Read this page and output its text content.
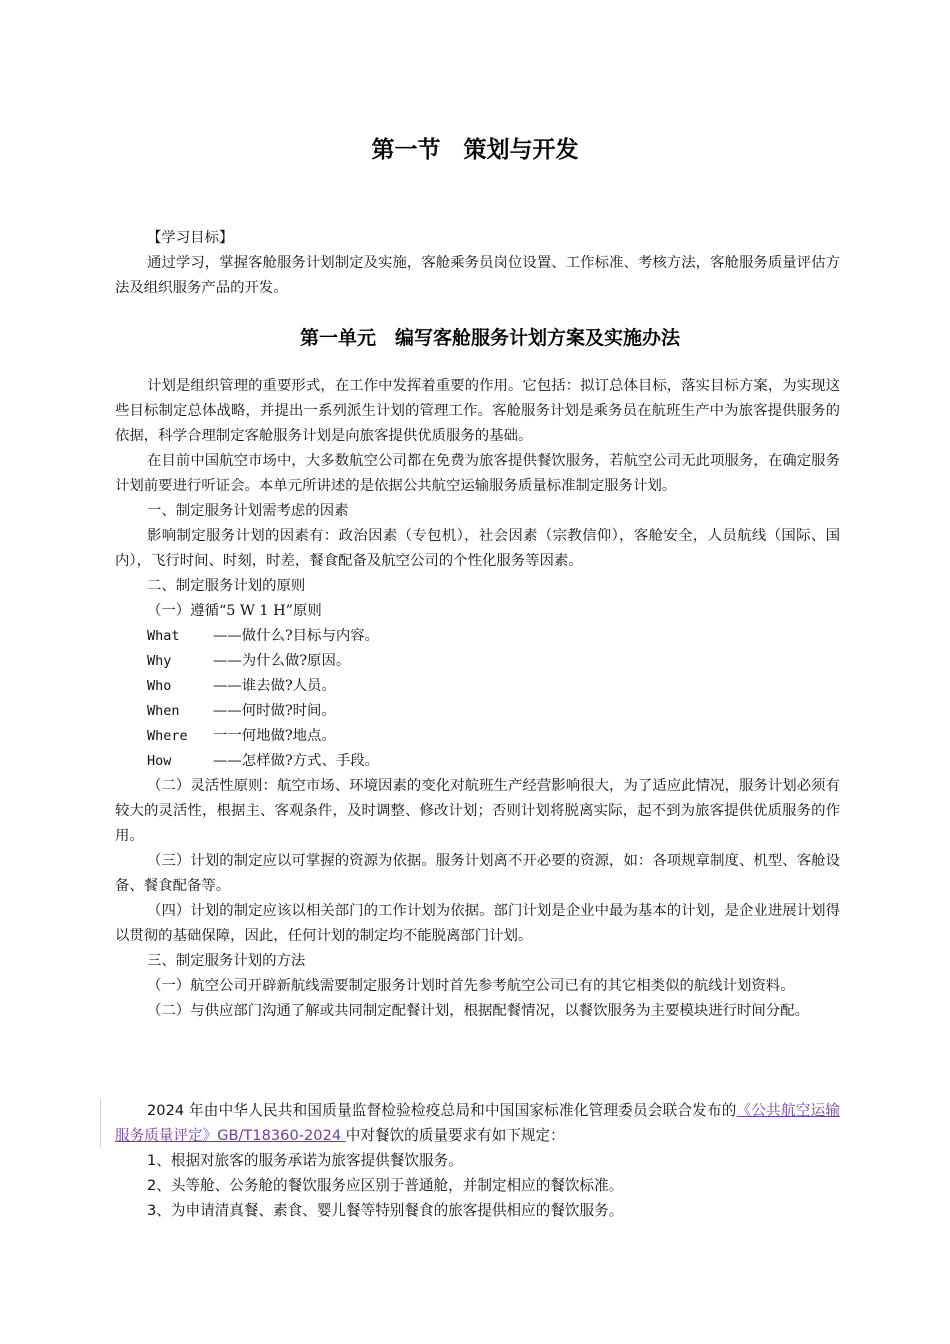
第一节　策划与开发

【学习目标】

通过学习，掌握客舱服务计划制定及实施，客舱乘务员岗位设置、工作标准、考核方法，客舱服务质量评估方法及组织服务产品的开发。

第一单元　编写客舱服务计划方案及实施办法

计划是组织管理的重要形式，在工作中发挥着重要的作用。它包括：拟订总体目标，落实目标方案，为实现这些目标制定总体战略，并提出一系列派生计划的管理工作。客舱服务计划是乘务员在航班生产中为旅客提供服务的依据，科学合理制定客舱服务计划是向旅客提供优质服务的基础。

在目前中国航空市场中，大多数航空公司都在免费为旅客提供餐饮服务，若航空公司无此项服务，在确定服务计划前要进行听证会。本单元所讲述的是依据公共航空运输服务质量标准制定服务计划。

一、制定服务计划需考虑的因素

影响制定服务计划的因素有：政治因素（专包机），社会因素（宗教信仰），客舱安全，人员航线（国际、国内），飞行时间、时刻，时差，餐食配备及航空公司的个性化服务等因素。

二、制定服务计划的原则

（一）遵循“5 W 1 H”原则

What ——做什么?目标与内容。

Why	——为什么做?原因。

Who	——谁去做?人员。

When ——何时做?时间。

Where 一一何地做?地点。

How	——怎样做?方式、手段。

（二）灵活性原则：航空市场、环境因素的变化对航班生产经营影响很大，为了适应此情况，服务计划必须有较大的灵活性，根据主、客观条件，及时调整、修改计划；否则计划将脱离实际，起不到为旅客提供优质服务的作用。

（三）计划的制定应以可掌握的资源为依据。服务计划离不开必要的资源，如：各项规章制度、机型、客舱设备、餐食配备等。

（四）计划的制定应该以相关部门的工作计划为依据。部门计划是企业中最为基本的计划，是企业进展计划得以贯彻的基础保障，因此，任何计划的制定均不能脱离部门计划。

三、制定服务计划的方法

（一）航空公司开辟新航线需要制定服务计划时首先参考航空公司已有的其它相类似的航线计划资料。

（二）与供应部门沟通了解或共同制定配餐计划，根据配餐情况，以餐饮服务为主要模块进行时间分配。

2024 年由中华人民共和国质量监督检验检疫总局和中国国家标准化管理委员会联合发布的《公共航空运输服务质量评定》GB/T18360-2024 中对餐饮的质量要求有如下规定：

1、根据对旅客的服务承诺为旅客提供餐饮服务。

2、头等舱、公务舱的餐饮服务应区别于普通舱，并制定相应的餐饮标准。

3、为申请清真餐、素食、婴儿餐等特别餐食的旅客提供相应的餐饮服务。
